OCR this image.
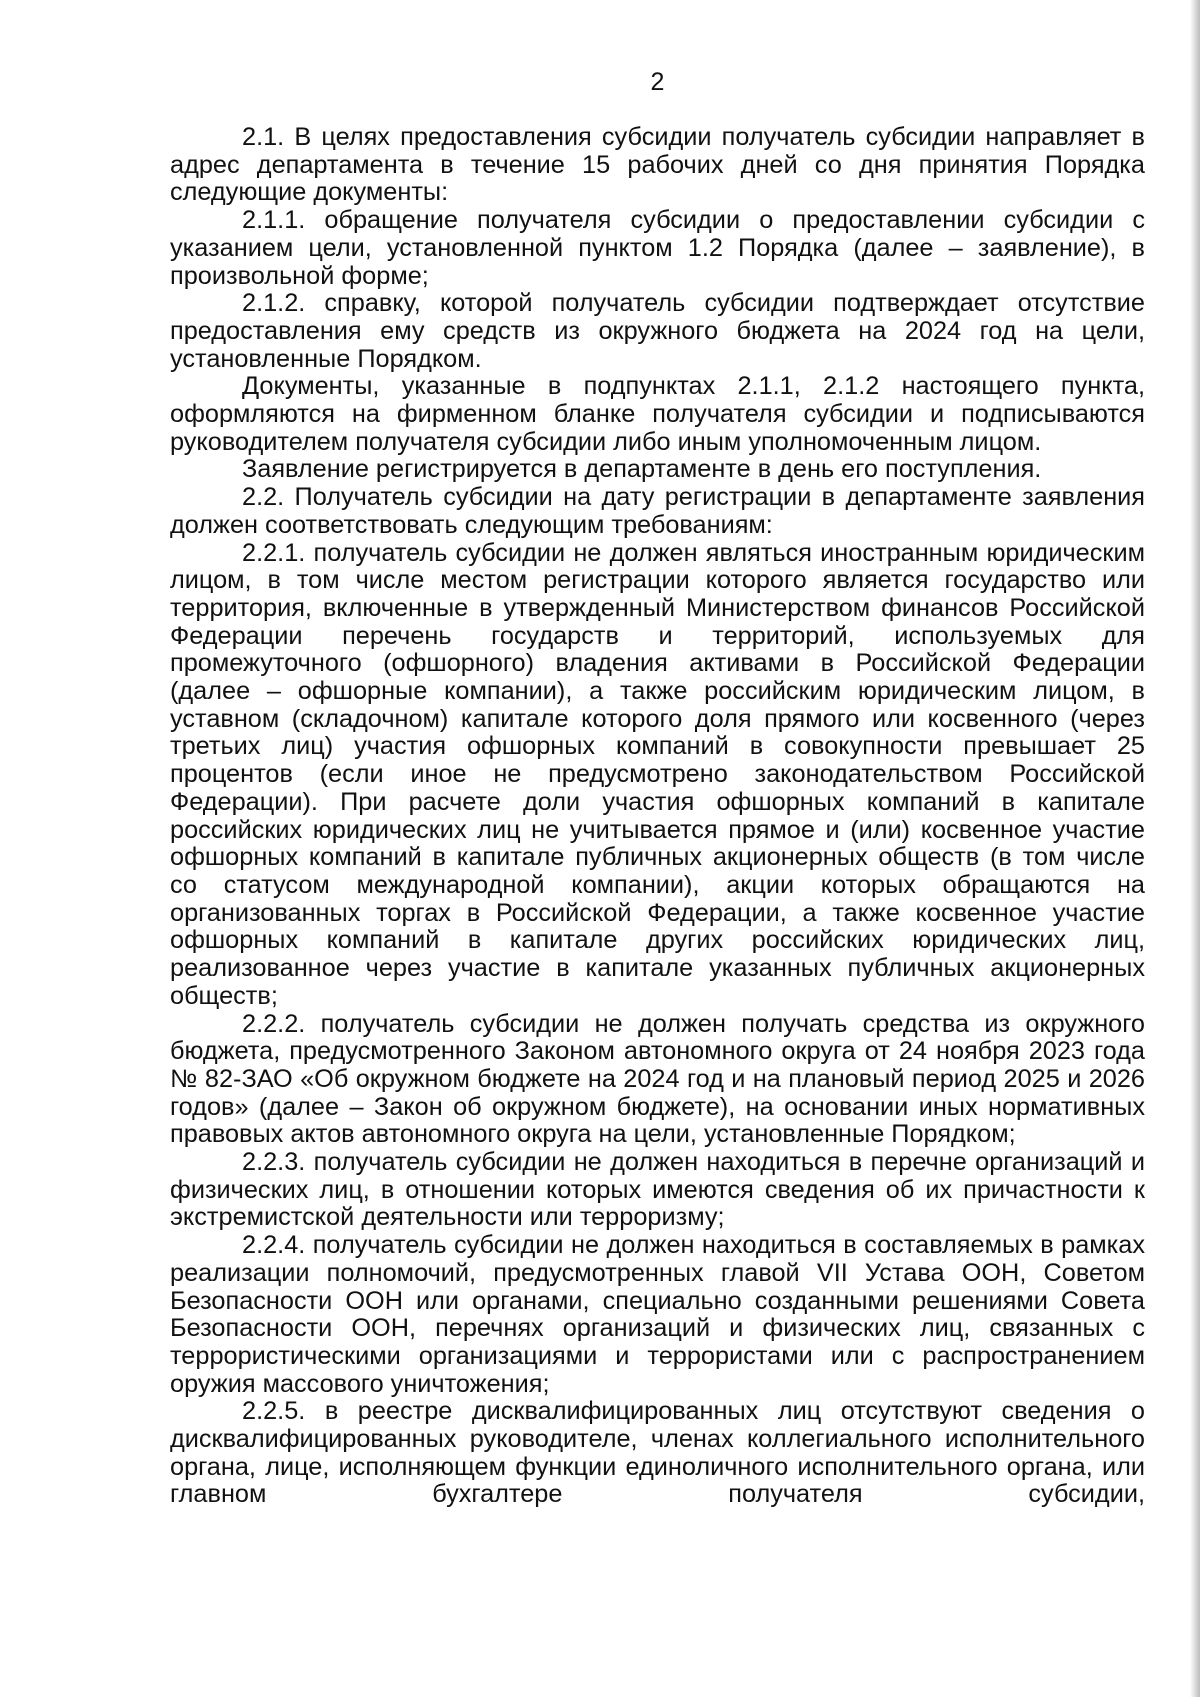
2

2.1. В целях предоставления субсидии получатель субсидии направляет в адрес департамента в течение 15 рабочих дней со дня принятия Порядка следующие документы:

2.1.1. обращение получателя субсидии о предоставлении субсидии с указанием цели, установленной пунктом 1.2 Порядка (далее – заявление), в произвольной форме;

2.1.2. справку, которой получатель субсидии подтверждает отсутствие предоставления ему средств из окружного бюджета на 2024 год на цели, установленные Порядком.

Документы, указанные в подпунктах 2.1.1, 2.1.2 настоящего пункта, оформляются на фирменном бланке получателя субсидии и подписываются руководителем получателя субсидии либо иным уполномоченным лицом.

Заявление регистрируется в департаменте в день его поступления.

2.2. Получатель субсидии на дату регистрации в департаменте заявления должен соответствовать следующим требованиям:

2.2.1. получатель субсидии не должен являться иностранным юридическим лицом, в том числе местом регистрации которого является государство или территория, включенные в утвержденный Министерством финансов Российской Федерации перечень государств и территорий, используемых для промежуточного (офшорного) владения активами в Российской Федерации (далее – офшорные компании), а также российским юридическим лицом, в уставном (складочном) капитале которого доля прямого или косвенного (через третьих лиц) участия офшорных компаний в совокупности превышает 25 процентов (если иное не предусмотрено законодательством Российской Федерации). При расчете доли участия офшорных компаний в капитале российских юридических лиц не учитывается прямое и (или) косвенное участие офшорных компаний в капитале публичных акционерных обществ (в том числе со статусом международной компании), акции которых обращаются на организованных торгах в Российской Федерации, а также косвенное участие офшорных компаний в капитале других российских юридических лиц, реализованное через участие в капитале указанных публичных акционерных обществ;

2.2.2. получатель субсидии не должен получать средства из окружного бюджета, предусмотренного Законом автономного округа от 24 ноября 2023 года № 82-ЗАО «Об окружном бюджете на 2024 год и на плановый период 2025 и 2026 годов» (далее – Закон об окружном бюджете), на основании иных нормативных правовых актов автономного округа на цели, установленные Порядком;

2.2.3. получатель субсидии не должен находиться в перечне организаций и физических лиц, в отношении которых имеются сведения об их причастности к экстремистской деятельности или терроризму;

2.2.4. получатель субсидии не должен находиться в составляемых в рамках реализации полномочий, предусмотренных главой VII Устава ООН, Советом Безопасности ООН или органами, специально созданными решениями Совета Безопасности ООН, перечнях организаций и физических лиц, связанных с террористическими организациями и террористами или с распространением оружия массового уничтожения;

2.2.5. в реестре дисквалифицированных лиц отсутствуют сведения о дисквалифицированных руководителе, членах коллегиального исполнительного органа, лице, исполняющем функции единоличного исполнительного органа, или главном бухгалтере получателя субсидии,
